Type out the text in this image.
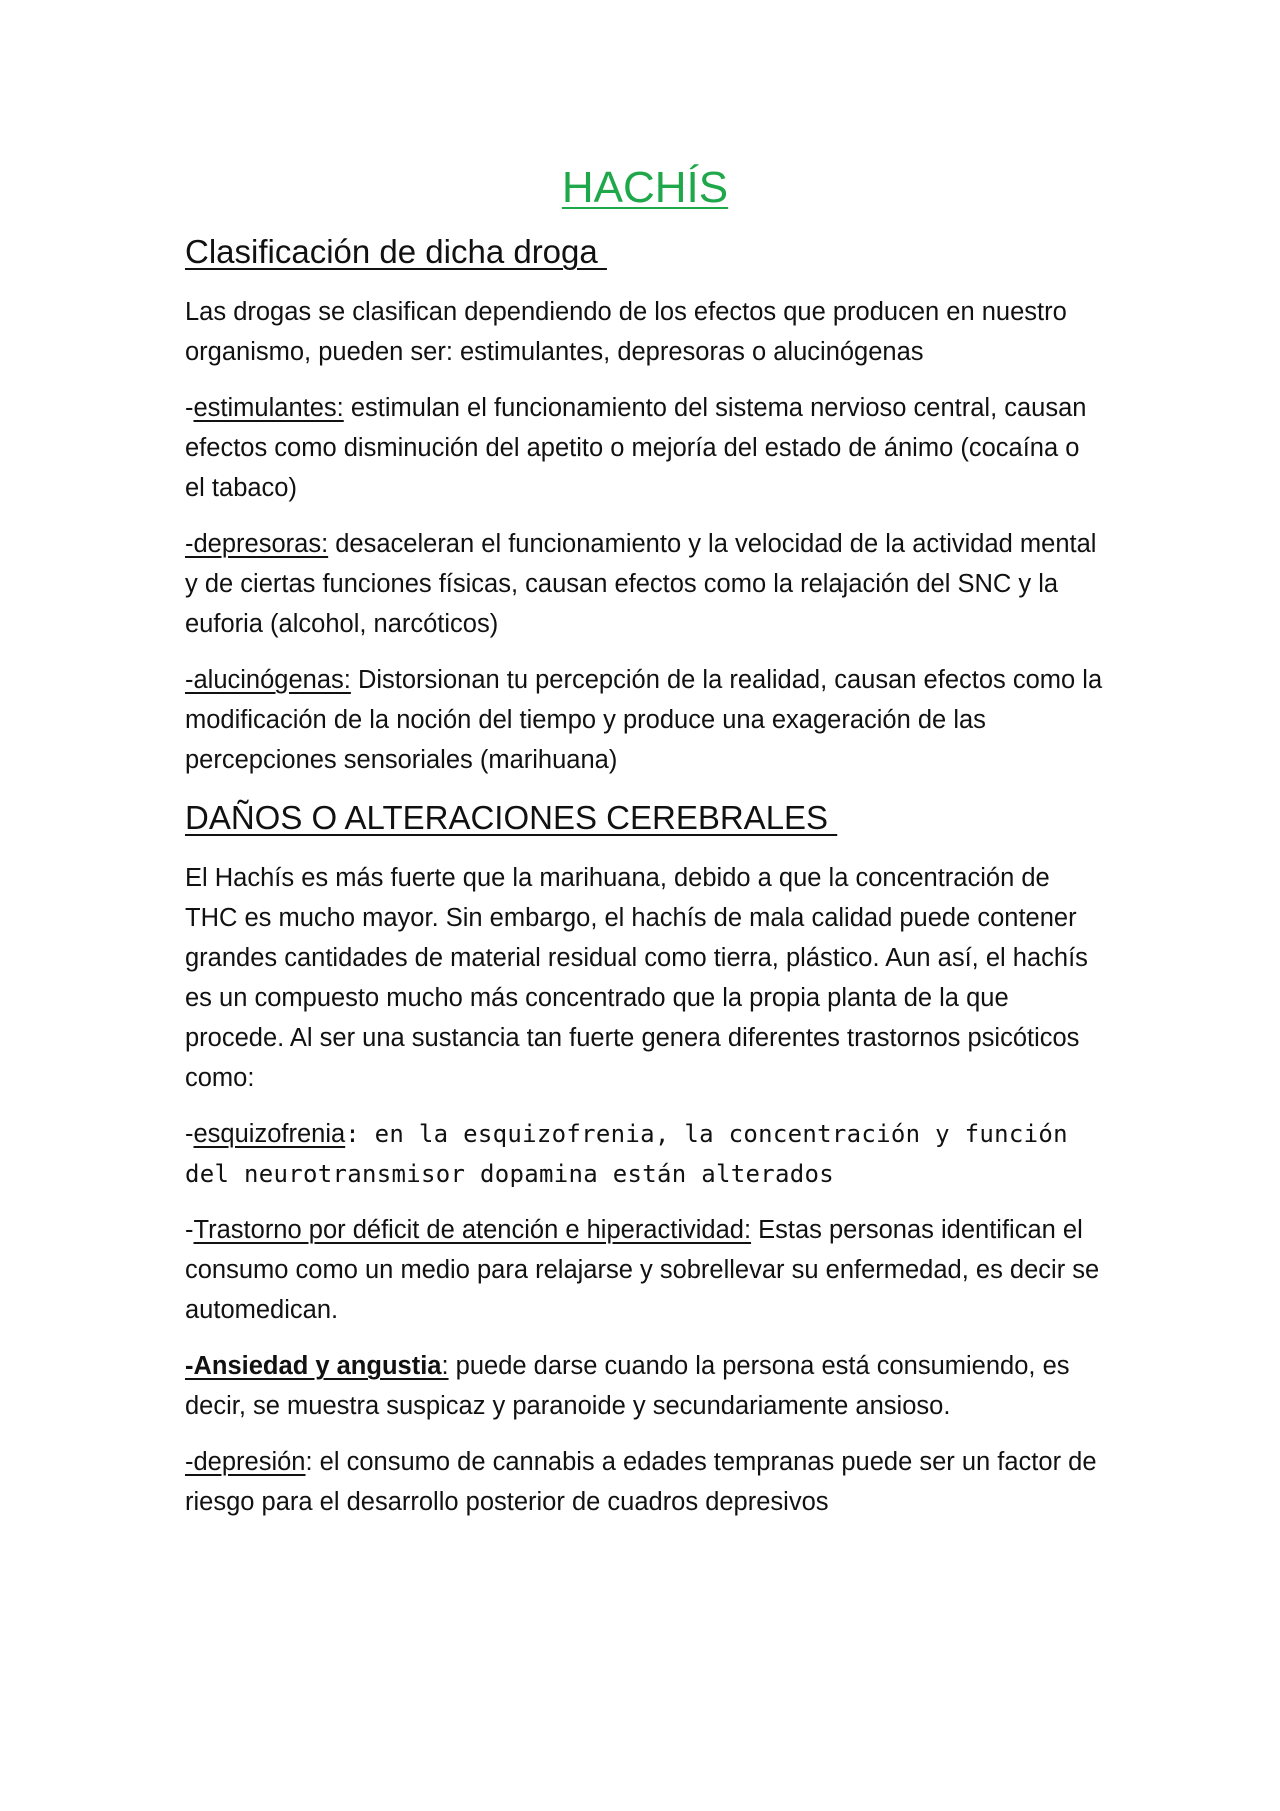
HACHÍS
Clasificación de dicha droga

Las drogas se clasifican dependiendo de los efectos que producen en nuestro organismo, pueden ser: estimulantes, depresoras o alucinógenas

-estimulantes: estimulan el funcionamiento del sistema nervioso central, causan efectos como disminución del apetito o mejoría del estado de ánimo (cocaína o el tabaco)

-depresoras: desaceleran el funcionamiento y la velocidad de la actividad mental y de ciertas funciones físicas, causan efectos como la relajación del SNC y la euforia (alcohol, narcóticos)

-alucinógenas: Distorsionan tu percepción de la realidad, causan efectos como la modificación de la noción del tiempo y produce una exageración de las percepciones sensoriales (marihuana)

DAÑOS O ALTERACIONES CEREBRALES

El Hachís es más fuerte que la marihuana, debido a que la concentración de THC es mucho mayor. Sin embargo, el hachís de mala calidad puede contener grandes cantidades de material residual como tierra, plástico. Aun así, el hachís es un compuesto mucho más concentrado que la propia planta de la que procede. Al ser una sustancia tan fuerte genera diferentes trastornos psicóticos como:

-esquizofrenia: en la esquizofrenia, la concentración y función del neurotransmisor dopamina están alterados

-Trastorno por déficit de atención e hiperactividad: Estas personas identifican el consumo como un medio para relajarse y sobrellevar su enfermedad, es decir se automedican.

-Ansiedad y angustia: puede darse cuando la persona está consumiendo, es decir, se muestra suspicaz y paranoide y secundariamente ansioso.

-depresión: el consumo de cannabis a edades tempranas puede ser un factor de riesgo para el desarrollo posterior de cuadros depresivos
